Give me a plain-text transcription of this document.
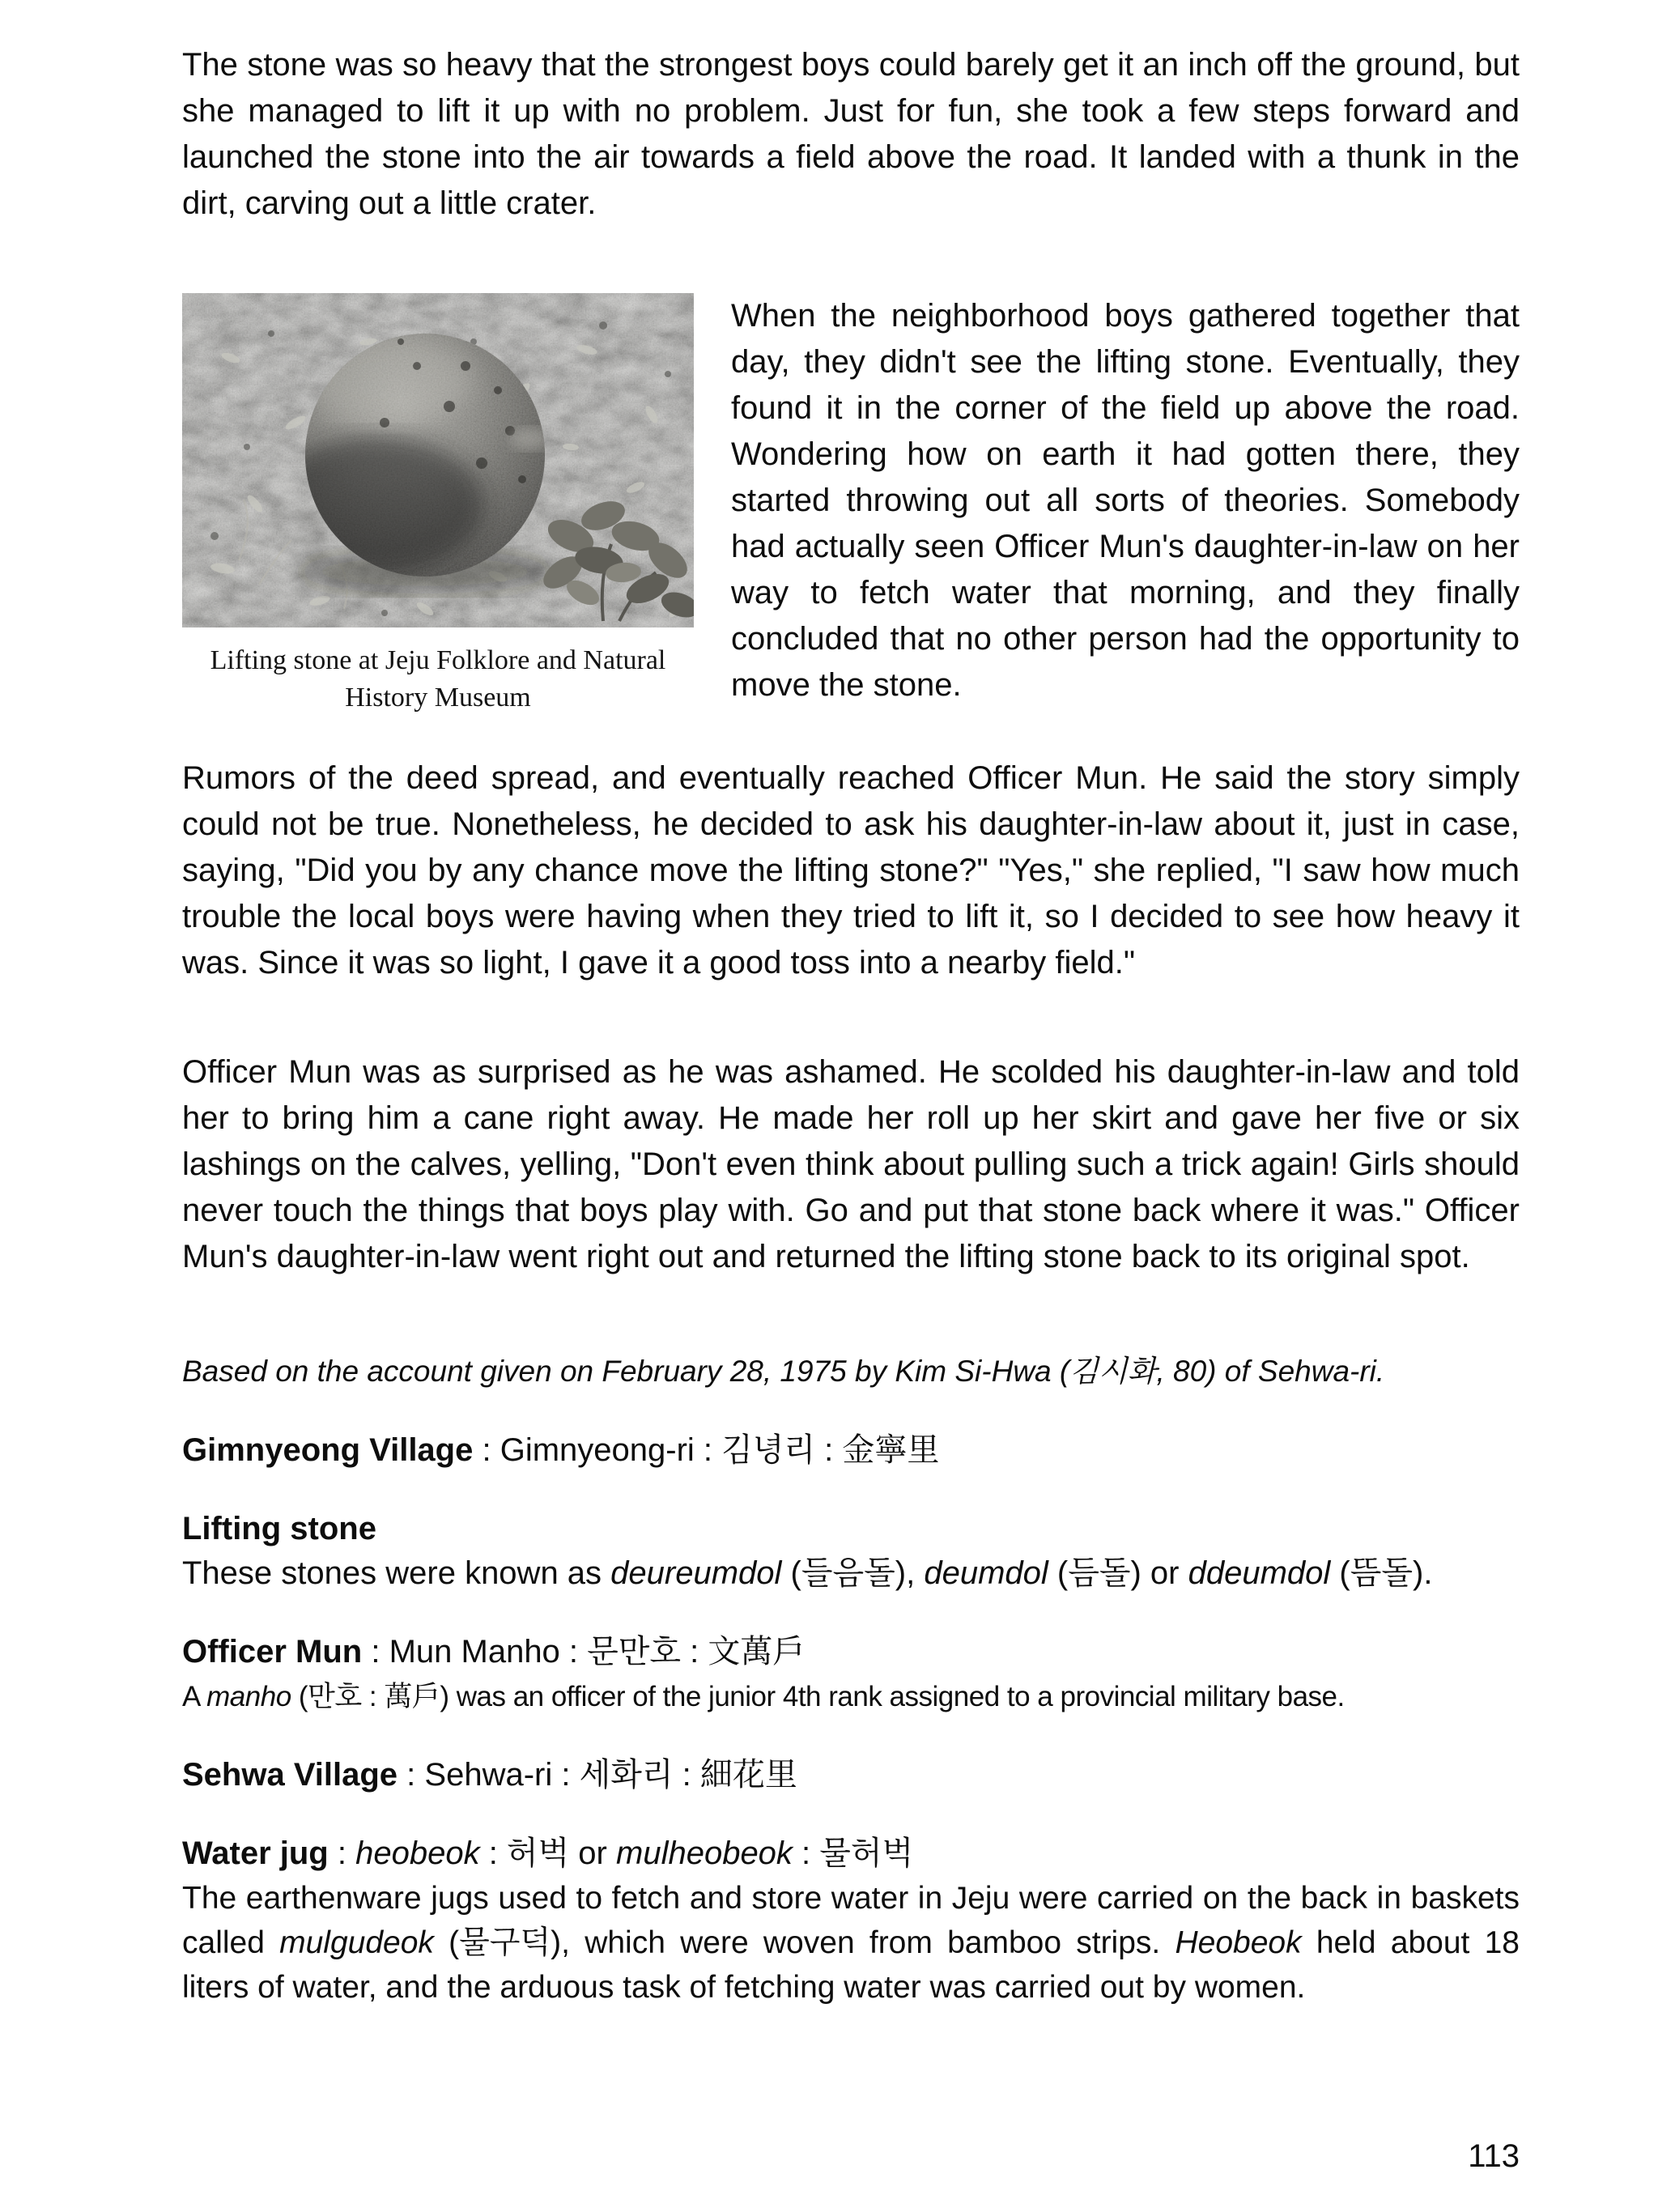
The stone was so heavy that the strongest boys could barely get it an inch off the ground, but she managed to lift it up with no problem. Just for fun, she took a few steps forward and launched the stone into the air towards a field above the road. It landed with a thunk in the dirt, carving out a little crater.

Lifting stone at Jeju Folklore and Natural History Museum

When the neighborhood boys gathered together that day, they didn't see the lifting stone. Eventually, they found it in the corner of the field up above the road. Wondering how on earth it had gotten there, they started throwing out all sorts of theories. Somebody had actually seen Officer Mun's daughter-in-law on her way to fetch water that morning, and they finally concluded that no other person had the opportunity to move the stone.

Rumors of the deed spread, and eventually reached Officer Mun. He said the story simply could not be true. Nonetheless, he decided to ask his daughter-in-law about it, just in case, saying, "Did you by any chance move the lifting stone?" "Yes," she replied, "I saw how much trouble the local boys were having when they tried to lift it, so I decided to see how heavy it was. Since it was so light, I gave it a good toss into a nearby field."

Officer Mun was as surprised as he was ashamed. He scolded his daughter-in-law and told her to bring him a cane right away. He made her roll up her skirt and gave her five or six lashings on the calves, yelling, "Don't even think about pulling such a trick again! Girls should never touch the things that boys play with. Go and put that stone back where it was." Officer Mun's daughter-in-law went right out and returned the lifting stone back to its original spot.

Based on the account given on February 28, 1975 by Kim Si-Hwa (김시화, 80) of Sehwa-ri.

Gimnyeong Village : Gimnyeong-ri : 김녕리 : 金寧里

Lifting stone

These stones were known as deureumdol (들음돌), deumdol (듬돌) or ddeumdol (뜸돌).

Officer Mun : Mun Manho : 문만호 : 文萬戶

A manho (만호 : 萬戶) was an officer of the junior 4th rank assigned to a provincial military base.

Sehwa Village : Sehwa-ri : 세화리 : 細花里

Water jug : heobeok : 허벅 or mulheobeok : 물허벅

The earthenware jugs used to fetch and store water in Jeju were carried on the back in baskets called mulgudeok (물구덕), which were woven from bamboo strips. Heobeok held about 18 liters of water, and the arduous task of fetching water was carried out by women.

113
